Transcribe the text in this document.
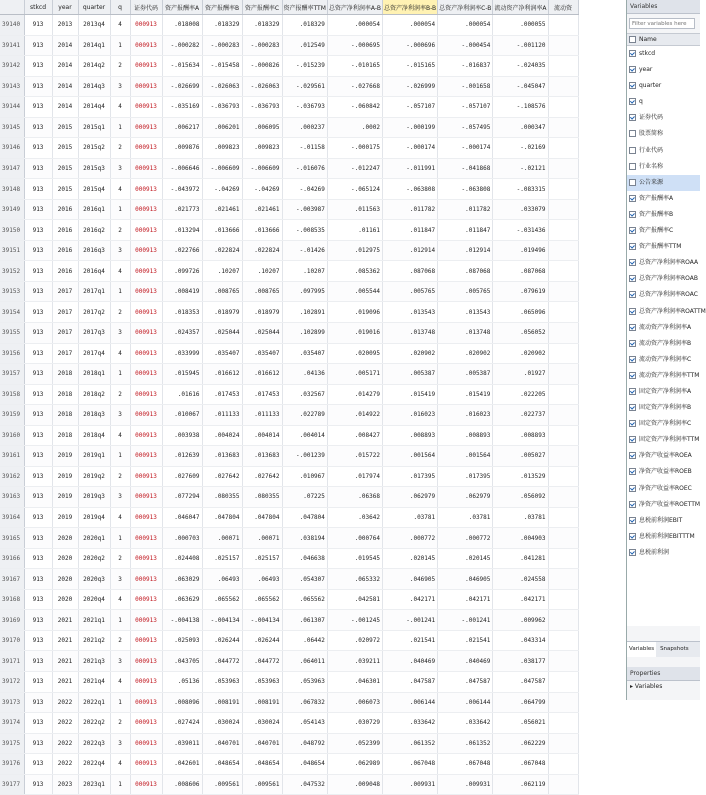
	stkcd	year	quarter	q	证券代码	资产报酬率A	资产报酬率B	资产报酬率C	资产报酬率TTM	总资产净利润率A-B	总资产净利润率B-B	总资产净利润率C-B	流动资产净利润率A	流动资
39140	913	2013	2013q4	4	000913	.018008	.018329	.018329	.018329	.000054	.000054	.000054	.000055	
39141	913	2014	2014q1	1	000913	-.000282	-.000283	-.000283	.012549	-.000695	-.000696	-.000454	-.001120	
39142	913	2014	2014q2	2	000913	-.015634	-.015458	-.000826	-.015239	-.010165	-.015165	-.016837	-.024035	
39143	913	2014	2014q3	3	000913	-.026699	-.026063	-.026063	-.029561	-.027668	-.026999	-.001658	-.045047	
39144	913	2014	2014q4	4	000913	-.035169	-.036793	-.036793	-.036793	-.060842	-.057107	-.057107	-.108576	
39145	913	2015	2015q1	1	000913	.006217	.006201	.006095	.000237	.0002	-.000199	-.057495	.000347	
39146	913	2015	2015q2	2	000913	.009876	.009823	.009823	-.01158	-.000175	-.000174	-.000174	-.02169	
39147	913	2015	2015q3	3	000913	-.006646	-.006609	-.006609	-.016076	-.012247	-.011991	-.041868	-.02121	
39148	913	2015	2015q4	4	000913	-.043972	-.04269	-.04269	-.04269	-.065124	-.063808	-.063808	-.083315	
39149	913	2016	2016q1	1	000913	.021773	.021461	.021461	-.003987	.011563	.011782	.011782	.033079	
39150	913	2016	2016q2	2	000913	.013294	.013666	.013666	-.008535	.01161	.011847	.011847	-.031436	
39151	913	2016	2016q3	3	000913	.022766	.022824	.022824	-.01426	.012975	.012914	.012914	.019496	
39152	913	2016	2016q4	4	000913	.099726	.10207	.10207	.10207	.085362	.087068	.087068	.087068	
39153	913	2017	2017q1	1	000913	.008419	.008765	.008765	.097995	.005544	.005765	.005765	.079619	
39154	913	2017	2017q2	2	000913	.018353	.018979	.018979	.102891	.019096	.013543	.013543	.065096	
39155	913	2017	2017q3	3	000913	.024357	.025044	.025044	.102899	.019016	.013748	.013748	.056052	
39156	913	2017	2017q4	4	000913	.033999	.035407	.035407	.035407	.020095	.020902	.020902	.020902	
39157	913	2018	2018q1	1	000913	.015945	.016612	.016612	.04136	.005171	.005387	.005387	.01927	
39158	913	2018	2018q2	2	000913	.01616	.017453	.017453	.032567	.014279	.015419	.015419	.022205	
39159	913	2018	2018q3	3	000913	.010067	.011133	.011133	.022789	.014922	.016023	.016023	.022737	
39160	913	2018	2018q4	4	000913	.003938	.004024	.004014	.004014	.008427	.008893	.008893	.008893	
39161	913	2019	2019q1	1	000913	.012639	.013683	.013683	-.001239	.015722	.001564	.001564	.005027	
39162	913	2019	2019q2	2	000913	.027609	.027642	.027642	.010967	.017974	.017395	.017395	.013529	
39163	913	2019	2019q3	3	000913	.077294	.080355	.080355	.07225	.06368	.062979	.062979	.056092	
39164	913	2019	2019q4	4	000913	.046047	.047804	.047804	.047804	.03642	.03781	.03781	.03781	
39165	913	2020	2020q1	1	000913	.000703	.00071	.00071	.038194	.000764	.000772	.000772	.004903	
39166	913	2020	2020q2	2	000913	.024408	.025157	.025157	.046638	.019545	.020145	.020145	.041281	
39167	913	2020	2020q3	3	000913	.063029	.06493	.06493	.054307	.065332	.046905	.046905	.024558	
39168	913	2020	2020q4	4	000913	.063629	.065562	.065562	.065562	.042581	.042171	.042171	.042171	
39169	913	2021	2021q1	1	000913	-.004138	-.004134	-.004134	.061307	-.001245	-.001241	-.001241	.009962	
39170	913	2021	2021q2	2	000913	.025093	.026244	.026244	.06442	.020972	.021541	.021541	.043314	
39171	913	2021	2021q3	3	000913	.043705	.044772	.044772	.064011	.039211	.040469	.040469	.038177	
39172	913	2021	2021q4	4	000913	.05136	.053963	.053963	.053963	.046301	.047587	.047587	.047587	
39173	913	2022	2022q1	1	000913	.008096	.008191	.008191	.067832	.006073	.006144	.006144	.064799	
39174	913	2022	2022q2	2	000913	.027424	.030024	.030024	.054143	.030729	.033642	.033642	.056021	
39175	913	2022	2022q3	3	000913	.039011	.040701	.040701	.048792	.052399	.061352	.061352	.062229	
39176	913	2022	2022q4	4	000913	.042601	.048654	.048654	.048654	.062989	.067048	.067048	.067048	
39177	913	2023	2023q1	1	000913	.008606	.009561	.009561	.047532	.009048	.009931	.009931	.062119	
Variables
Filter variables here
Name
stkcd
year
quarter
q
证券代码
股票简称
行业代码
行业名称
公告来源
资产报酬率A
资产报酬率B
资产报酬率C
资产报酬率TTM
总资产净利润率ROAA
总资产净利润率ROAB
总资产净利润率ROAC
总资产净利润率ROATTM
流动资产净利润率A
流动资产净利润率B
流动资产净利润率C
流动资产净利润率TTM
固定资产净利润率A
固定资产净利润率B
固定资产净利润率C
固定资产净利润率TTM
净资产收益率ROEA
净资产收益率ROEB
净资产收益率ROEC
净资产收益率ROETTM
息税前利润EBIT
息税前利润EBITTTM
息税前利润
Variables Snapshots
Properties
▸ Variables
